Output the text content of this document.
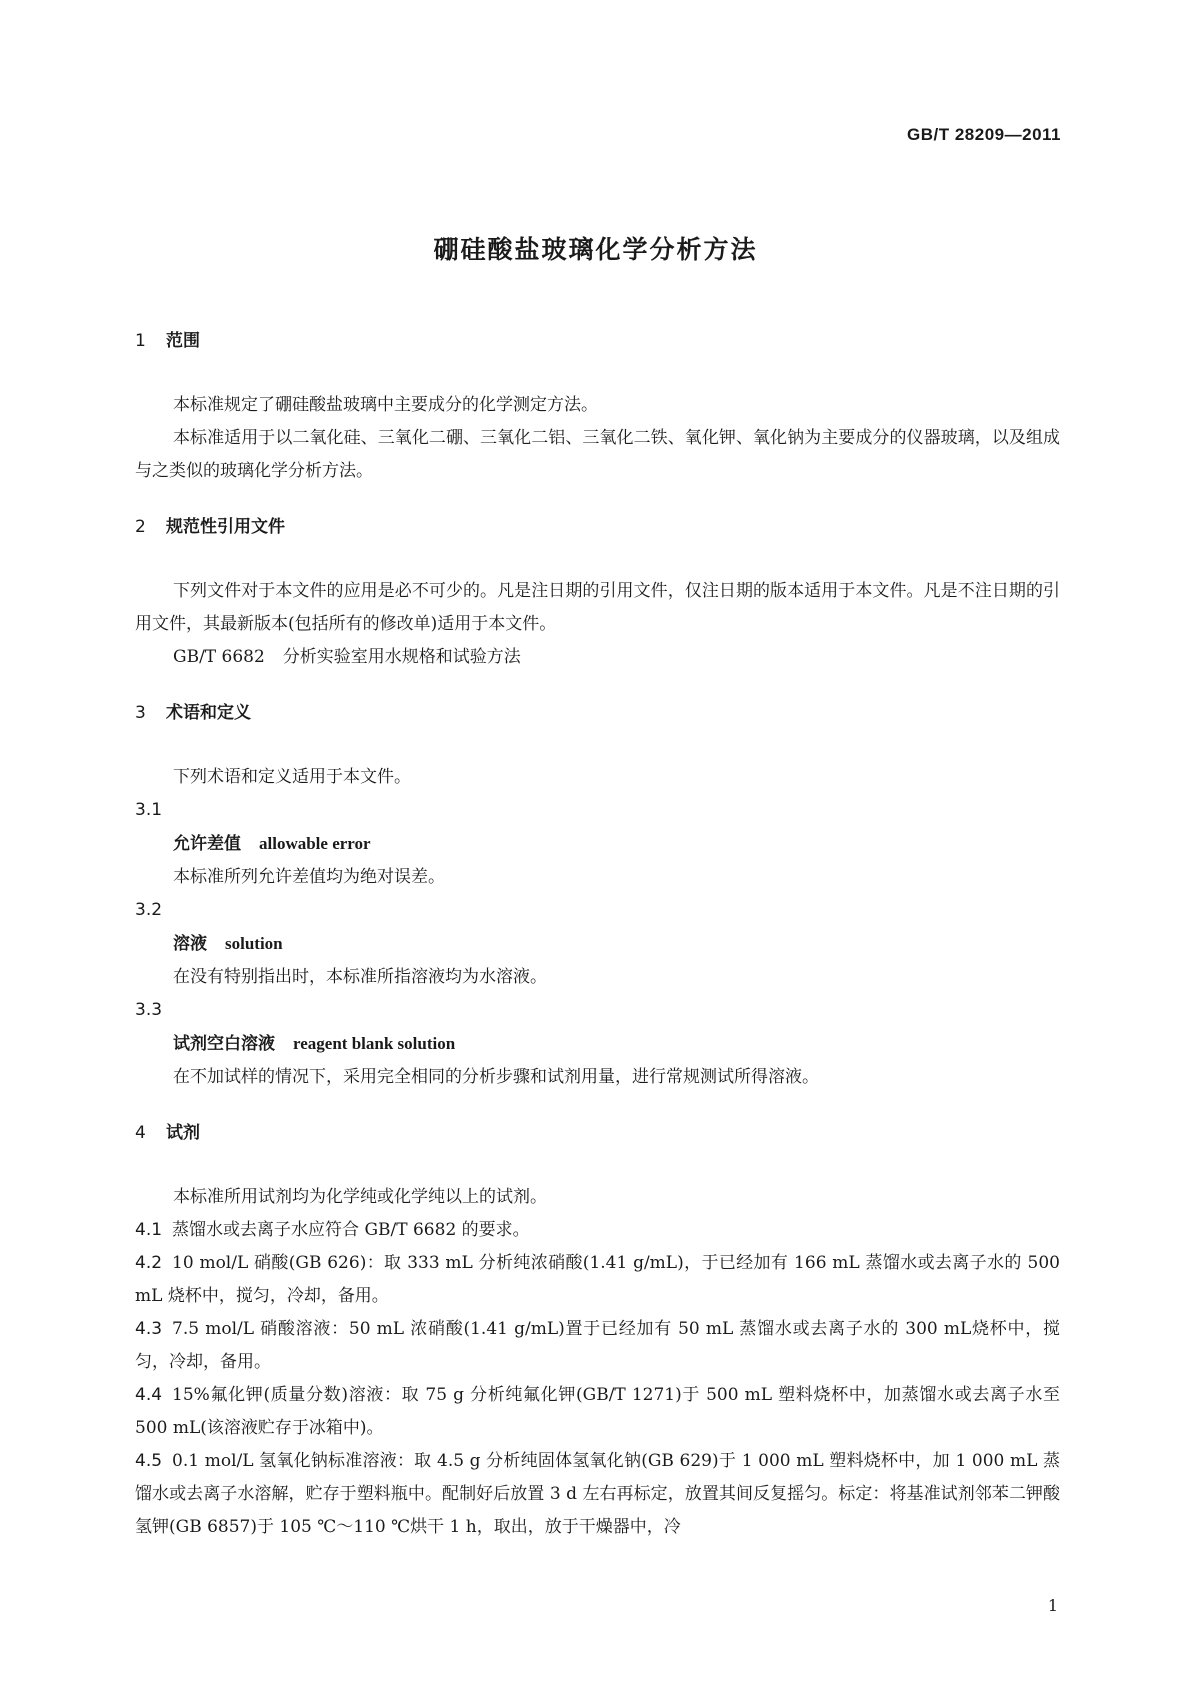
GB/T 28209—2011
硼硅酸盐玻璃化学分析方法
1 范围

本标准规定了硼硅酸盐玻璃中主要成分的化学测定方法。

本标准适用于以二氧化硅、三氧化二硼、三氧化二铝、三氧化二铁、氧化钾、氧化钠为主要成分的仪器玻璃，以及组成与之类似的玻璃化学分析方法。

2 规范性引用文件

下列文件对于本文件的应用是必不可少的。凡是注日期的引用文件，仅注日期的版本适用于本文件。凡是不注日期的引用文件，其最新版本(包括所有的修改单)适用于本文件。

GB/T 6682 分析实验室用水规格和试验方法

3 术语和定义

下列术语和定义适用于本文件。

3.1

允许差值 allowable error

本标准所列允许差值均为绝对误差。

3.2

溶液 solution

在没有特别指出时，本标准所指溶液均为水溶液。

3.3

试剂空白溶液 reagent blank solution

在不加试样的情况下，采用完全相同的分析步骤和试剂用量，进行常规测试所得溶液。

4 试剂

本标准所用试剂均为化学纯或化学纯以上的试剂。

4.1 蒸馏水或去离子水应符合 GB/T 6682 的要求。

4.2 10 mol/L 硝酸(GB 626)：取 333 mL 分析纯浓硝酸(1.41 g/mL)，于已经加有 166 mL 蒸馏水或去离子水的 500 mL 烧杯中，搅匀，冷却，备用。

4.3 7.5 mol/L 硝酸溶液：50 mL 浓硝酸(1.41 g/mL)置于已经加有 50 mL 蒸馏水或去离子水的 300 mL烧杯中，搅匀，冷却，备用。

4.4 15%氟化钾(质量分数)溶液：取 75 g 分析纯氟化钾(GB/T 1271)于 500 mL 塑料烧杯中，加蒸馏水或去离子水至 500 mL(该溶液贮存于冰箱中)。

4.5 0.1 mol/L 氢氧化钠标准溶液：取 4.5 g 分析纯固体氢氧化钠(GB 629)于 1 000 mL 塑料烧杯中，加 1 000 mL 蒸馏水或去离子水溶解，贮存于塑料瓶中。配制好后放置 3 d 左右再标定，放置其间反复摇匀。标定：将基准试剂邻苯二钾酸氢钾(GB 6857)于 105 ℃～110 ℃烘干 1 h，取出，放于干燥器中，冷

1
